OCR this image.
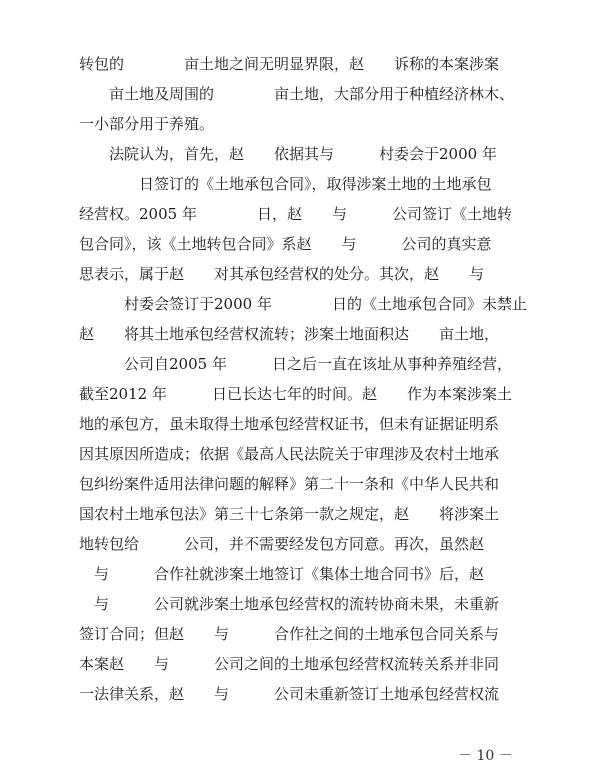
转包的　　　　亩土地之间无明显界限，赵　　诉称的本案涉案
　　亩土地及周围的　　　　亩土地，大部分用于种植经济林木、
一小部分用于养殖。
法院认为，首先，赵　　依据其与　　　村委会于2000 年
　　　　日签订的《土地承包合同》，取得涉案土地的土地承包
经营权。2005 年　　　　日，赵　　与　　　公司签订《土地转
包合同》，该《土地转包合同》系赵　　与　　　公司的真实意
思表示，属于赵　　对其承包经营权的处分。其次，赵　　与
　　　村委会签订于2000 年　　　　日的《土地承包合同》未禁止
赵　　将其土地承包经营权流转；涉案土地面积达　　亩土地，
　　　公司自2005 年　　　日之后一直在该址从事种养殖经营，
截至2012 年　　　日已长达七年的时间。赵　　作为本案涉案土
地的承包方，虽未取得土地承包经营权证书，但未有证据证明系
因其原因所造成；依据《最高人民法院关于审理涉及农村土地承
包纠纷案件适用法律问题的解释》第二十一条和《中华人民共和
国农村土地承包法》第三十七条第一款之规定，赵　　将涉案土
地转包给　　　公司，并不需要经发包方同意。再次，虽然赵
　与　　　合作社就涉案土地签订《集体土地合同书》后，赵
　与　　　公司就涉案土地承包经营权的流转协商未果，未重新
签订合同；但赵　　与　　　合作社之间的土地承包合同关系与
本案赵　　与　　　公司之间的土地承包经营权流转关系并非同
一法律关系，赵　　与　　　公司未重新签订土地承包经营权流
－ 10 －
